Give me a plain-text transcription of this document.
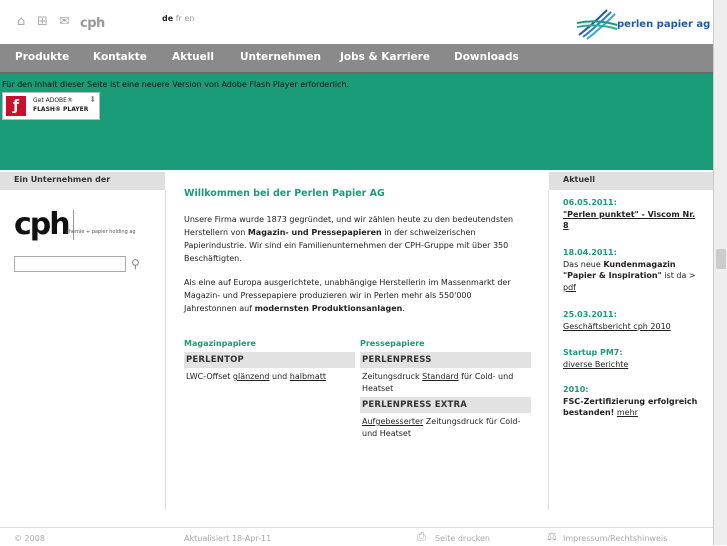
⌂ ⊞ ✉ cph	de fr en
perlen papier ag
Produkte Kontakte Aktuell Unternehmen Jobs & Karriere Downloads
Für den Inhalt dieser Seite ist eine neuere Version von Adobe Flash Player erforderlich.
ƒ	Get ADOBE®
FLASH® PLAYER
⬇
Ein Unternehmen der
cph
chemie + papier holding ag
⚲
Willkommen bei der Perlen Papier AG
Unsere Firma wurde 1873 gegründet, und wir zählen heute zu den bedeutendsten Herstellern von Magazin- und Pressepapieren in der schweizerischen Papierindustrie. Wir sind ein Familienunternehmen der CPH-Gruppe mit über 350 Beschäftigten.
Als eine auf Europa ausgerichtete, unabhängige Herstellerin im Massenmarkt der Magazin- und Pressepapiere produzieren wir in Perlen mehr als 550'000 Jahrestonnen auf modernsten Produktionsanlagen.
Magazinpapiere
PERLENTOP
LWC-Offset glänzend und halbmatt
Pressepapiere
PERLENPRESS
Zeitungsdruck Standard für Cold- und Heatset
PERLENPRESS EXTRA
Aufgebesserter Zeitungsdruck für Cold- und Heatset
Aktuell
06.05.2011:
"Perlen punktet" - Viscom Nr. 8
18.04.2011:
Das neue Kundenmagazin "Papier & Inspiration" ist da > pdf
25.03.2011:
Geschäftsbericht cph 2010
Startup PM7:
diverse Berichte
2010:
FSC-Zertifizierung erfolgreich bestanden! mehr
© 2008	Aktualisiert 18-Apr-11	⎙ Seite drucken	⚖ Impressum/Rechtshinweis
